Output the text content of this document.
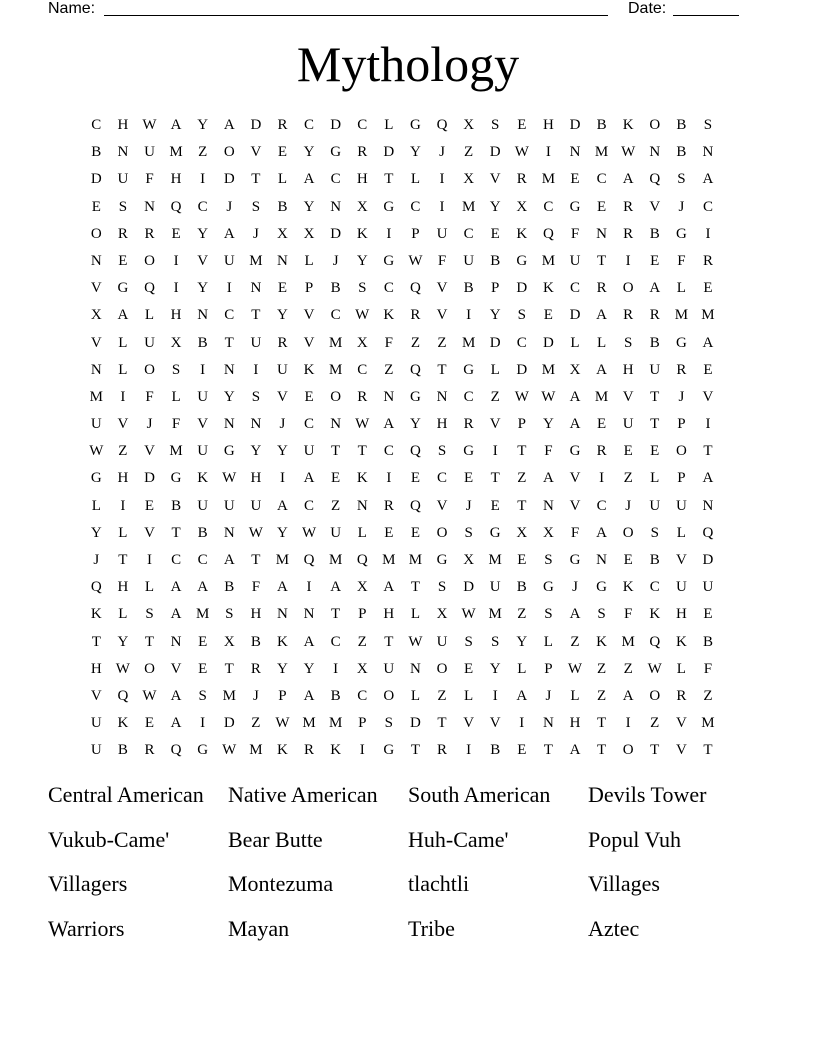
Name:	Date:
Mythology
C	H W A	Y	A	D	R	C	D	C	L	G	Q	X	S	E	H	D	B	K	O	B	S
B	N	U M	Z	O	V	E	Y	G	R	D	Y	J	Z	D W	I	N M W N	B	N
D	U	F	H	I	D	T	L	A	C	H	T	L	I	X	V	R M	E	C	A	Q	S	A
E	S	N	Q	C	J	S	B	Y	N	X	G	C	I	M Y	X	C	G	E	R	V	J	C
O	R	R	E	Y	A	J	X	X	D	K	I	P	U	C	E	K	Q	F	N	R	B	G	I
N	E	O	I	V	U M N	L	J	Y	G W	F	U	B	G M U	T	I	E	F	R
V	G	Q	I	Y	I	N	E	P	B	S	C	Q	V	B	P	D	K	C	R	O	A	L	E
X	A	L	H	N	C	T	Y	V	C W K	R	V	I	Y	S	E	D	A	R	R M M
V	L	U	X	B	T	U	R	V M X	F	Z	Z	M D	C	D	L	L	S	B	G	A
N	L	O	S	I	N	I	U	K M C	Z	Q	T	G	L	D M X	A	H	U	R	E
M	I	F	L	U	Y	S	V	E	O	R	N	G	N	C	Z W W A M V	T	J	V
U	V	J	F	V	N	N	J	C	N W A	Y	H	R	V	P	Y	A	E	U	T	P	I
W Z	V M U	G	Y	Y	U	T	T	C	Q	S	G	I	T	F	G	R	E	E	O	T
G	H	D	G	K W H	I	A	E	K	I	E	C	E	T	Z	A	V	I	Z	L	P	A
L	I	E	B	U	U	U	A	C	Z	N	R	Q	V	J	E	T	N	V	C	J	U	U	N
Y	L	V	T	B	N W Y W U	L	E	E	O	S	G	X	X	F	A	O	S	L	Q
J	T	I	C	C	A	T	M Q M Q M M G	X M	E	S	G	N	E	B	V	D
Q	H	L	A	A	B	F	A	I	A	X	A	T	S	D	U	B	G	J	G	K	C	U	U
K	L	S	A M	S	H	N	N	T	P	H	L	X W M	Z	S	A	S	F	K	H	E
T	Y	T	N	E	X	B	K	A	C	Z	T W U	S	S	Y	L	Z	K M Q	K	B
H W O	V	E	T	R	Y	Y	I	X	U	N	O	E	Y	L	P	W Z	Z W L	F
V	Q W A	S	M	J	P	A	B	C	O	L	Z	L	I	A	J	L	Z	A	O	R	Z
U	K	E	A	I	D	Z W M M	P	S	D	T	V	V	I	N	H	T	I	Z	V M
U	B	R	Q	G W M K	R	K	I	G	T	R	I	B	E	T	A	T	O	T	V	T
Central American	Native American	South American	Devils Tower
Vukub-Came'	Bear Butte	Huh-Came'	Popul Vuh
Villagers	Montezuma	tlachtli	Villages
Warriors	Mayan	Tribe	Aztec
